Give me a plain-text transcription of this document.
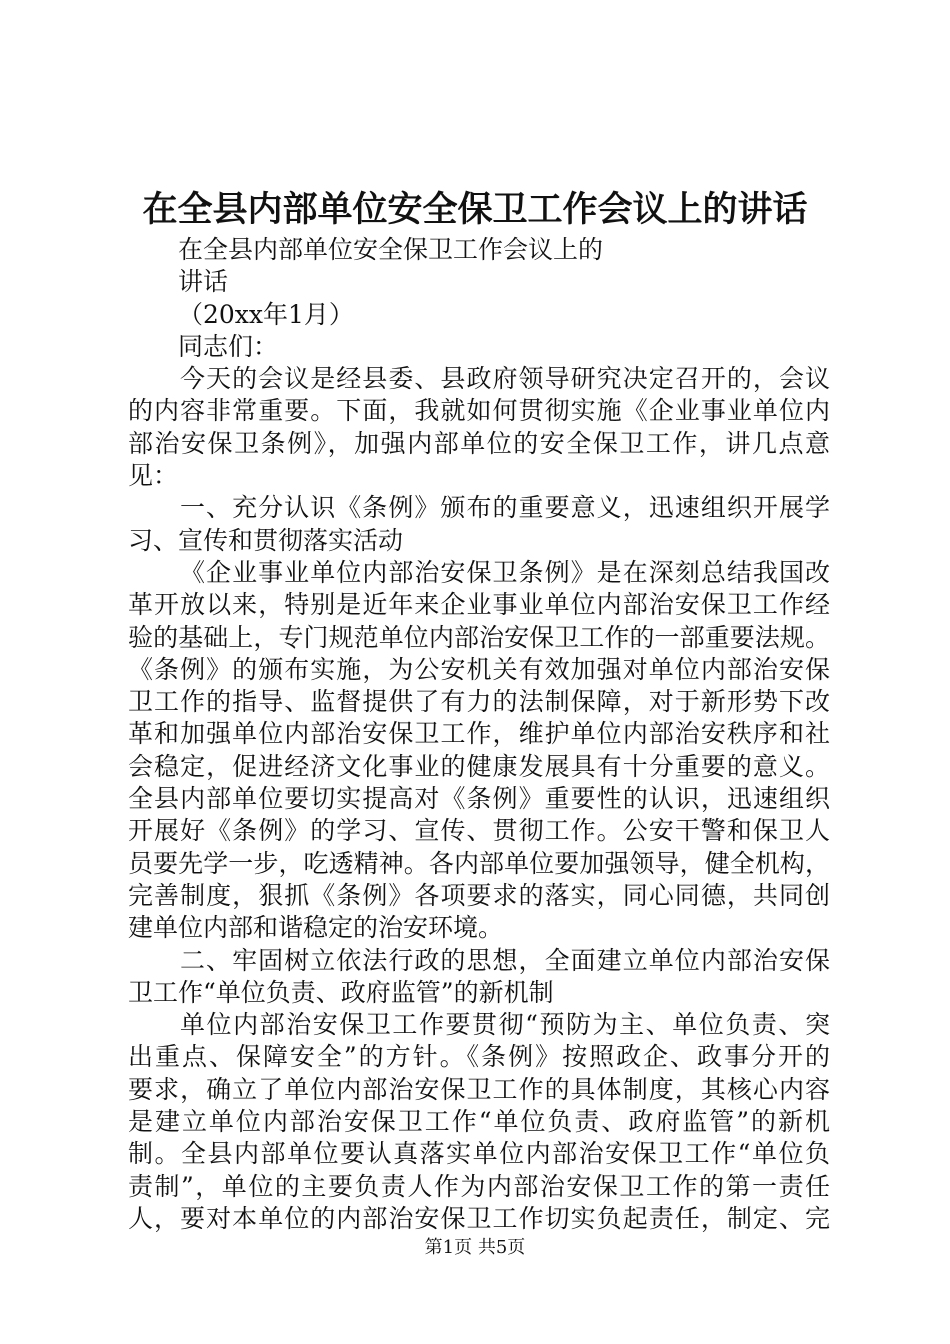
在全县内部单位安全保卫工作会议上的讲话
在全县内部单位安全保卫工作会议上的
讲话
（20xx年1月）
同志们：
今天的会议是经县委、县政府领导研究决定召开的，会议
的内容非常重要。下面，我就如何贯彻实施《企业事业单位内
部治安保卫条例》，加强内部单位的安全保卫工作，讲几点意
见：
一、充分认识《条例》颁布的重要意义，迅速组织开展学
习、宣传和贯彻落实活动
《企业事业单位内部治安保卫条例》是在深刻总结我国改
革开放以来，特别是近年来企业事业单位内部治安保卫工作经
验的基础上，专门规范单位内部治安保卫工作的一部重要法规。
《条例》的颁布实施，为公安机关有效加强对单位内部治安保
卫工作的指导、监督提供了有力的法制保障，对于新形势下改
革和加强单位内部治安保卫工作，维护单位内部治安秩序和社
会稳定，促进经济文化事业的健康发展具有十分重要的意义。
全县内部单位要切实提高对《条例》重要性的认识，迅速组织
开展好《条例》的学习、宣传、贯彻工作。公安干警和保卫人
员要先学一步，吃透精神。各内部单位要加强领导，健全机构，
完善制度，狠抓《条例》各项要求的落实，同心同德，共同创
建单位内部和谐稳定的治安环境。
二、牢固树立依法行政的思想，全面建立单位内部治安保
卫工作“单位负责、政府监管”的新机制
单位内部治安保卫工作要贯彻“预防为主、单位负责、突
出重点、保障安全”的方针。《条例》按照政企、政事分开的
要求，确立了单位内部治安保卫工作的具体制度，其核心内容
是建立单位内部治安保卫工作“单位负责、政府监管”的新机
制。全县内部单位要认真落实单位内部治安保卫工作“单位负
责制”，单位的主要负责人作为内部治安保卫工作的第一责任
人，要对本单位的内部治安保卫工作切实负起责任，制定、完
第1页 共5页
